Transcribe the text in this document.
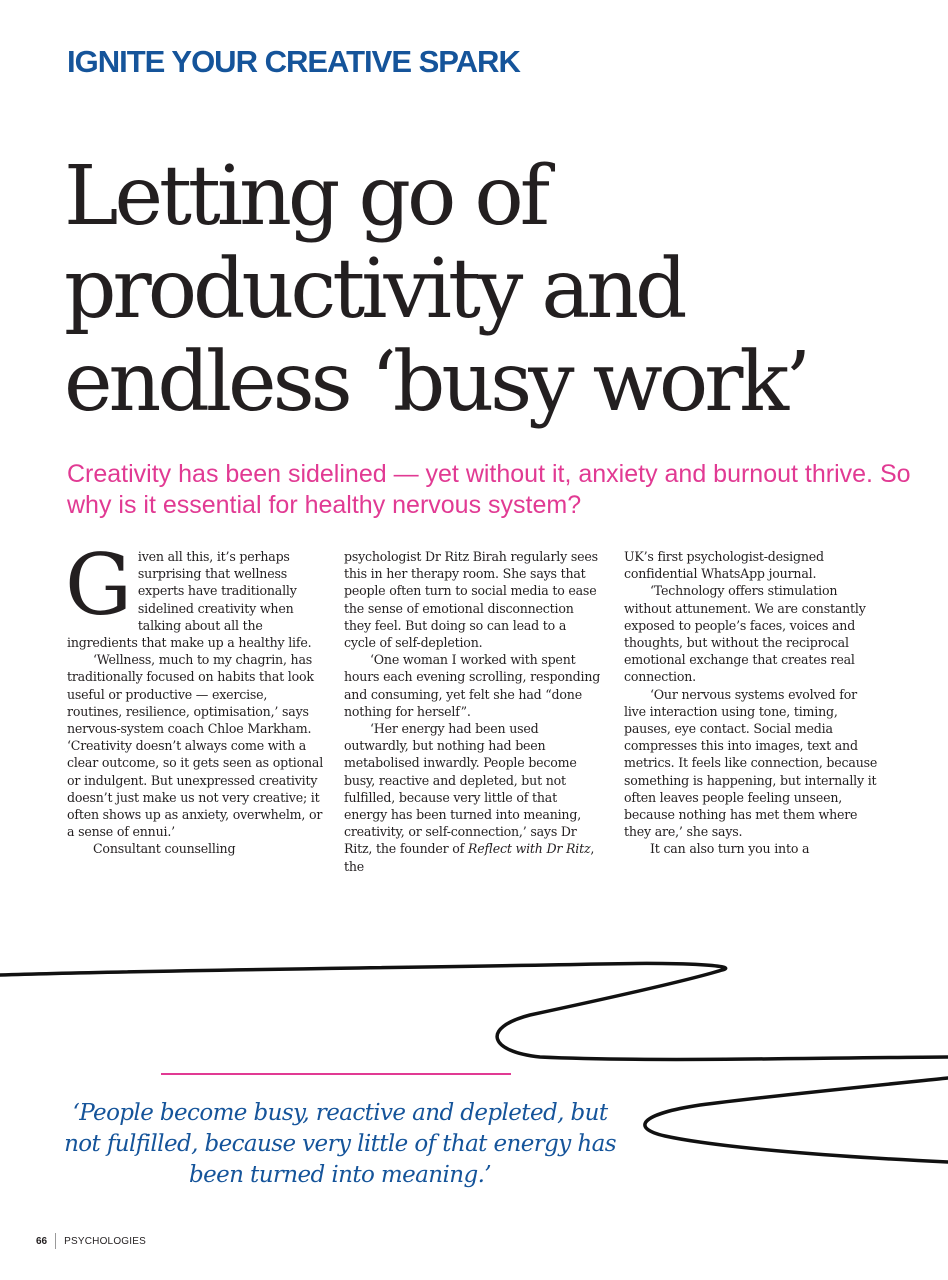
IGNITE YOUR CREATIVE SPARK
Letting go of
productivity and
endless ‘busy work’

Creativity has been sidelined — yet without it, anxiety and burnout thrive. So why is it essential for healthy nervous system?

Given all this, it’s perhaps surprising that wellness experts have traditionally sidelined creativity when talking about all the ingredients that make up a healthy life.

‘Wellness, much to my chagrin, has traditionally focused on habits that look useful or productive — exercise, routines, resilience, optimisation,’ says nervous-system coach Chloe Markham. ‘Creativity doesn’t always come with a clear outcome, so it gets seen as optional or indulgent. But unexpressed creativity doesn’t just make us not very creative; it often shows up as anxiety, overwhelm, or a sense of ennui.’

Consultant counselling

psychologist Dr Ritz Birah regularly sees this in her therapy room. She says that people often turn to social media to ease the sense of emotional disconnection they feel. But doing so can lead to a cycle of self-depletion.

‘One woman I worked with spent hours each evening scrolling, responding and consuming, yet felt she had “done nothing for herself”.

‘Her energy had been used outwardly, but nothing had been metabolised inwardly. People become busy, reactive and depleted, but not fulfilled, because very little of that energy has been turned into meaning, creativity, or self-connection,’ says Dr Ritz, the founder of Reflect with Dr Ritz, the

UK’s first psychologist-designed confidential WhatsApp journal.

‘Technology offers stimulation without attunement. We are constantly exposed to people’s faces, voices and thoughts, but without the reciprocal emotional exchange that creates real connection.

‘Our nervous systems evolved for live interaction using tone, timing, pauses, eye contact. Social media compresses this into images, text and metrics. It feels like connection, because something is happening, but internally it often leaves people feeling unseen, because nothing has met them where they are,’ she says.

It can also turn you into a

‘People become busy, reactive and depleted, but not fulfilled, because very little of that energy has been turned into meaning.’

66	PSYCHOLOGIES
